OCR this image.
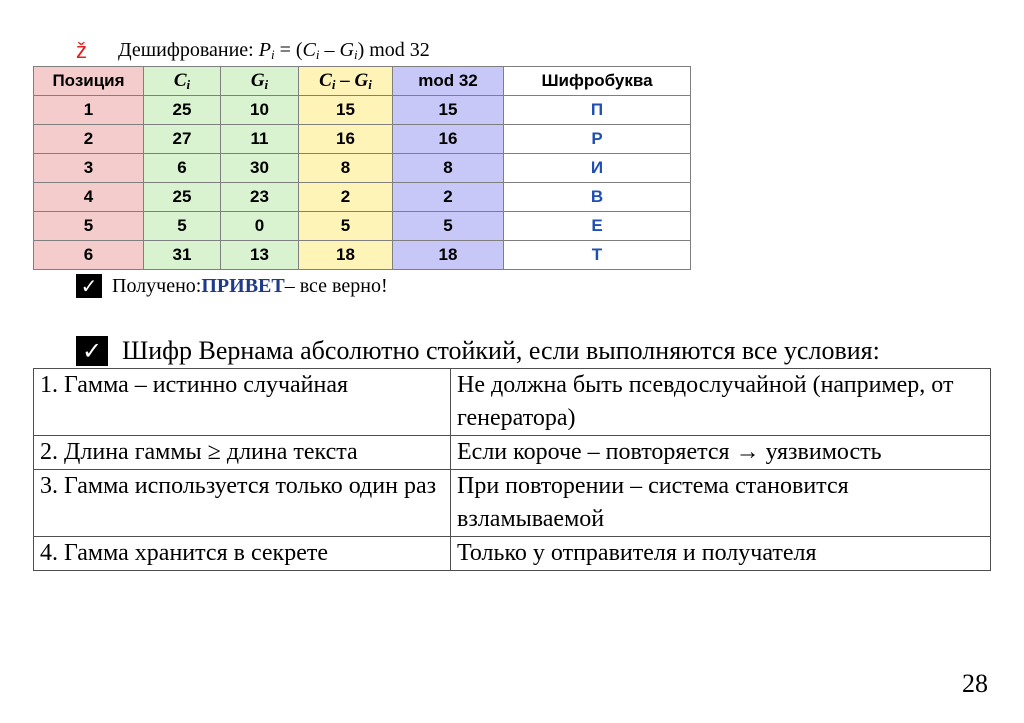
ž	Дешифрование: $P_i = (C_i - G_i)$ mod 32
Позиция	$C_i$	$G_i$	$C_i - G_i$	mod 32	Шифробуква
1	25	10	15	15	П
2	27	11	16	16	Р
3	6	30	8	8	И
4	25	23	2	2	В
5	5	0	5	5	Е
6	31	13	18	18	Т
✓ Получено: ПРИВЕТ – все верно!
✓ Шифр Вернама абсолютно стойкий, если выполняются все условия:
1. Гамма – истинно случайная	Не должна быть псевдослучайной (например, от генератора)
2. Длина гаммы ≥ длина текста	Если короче – повторяется → уязвимость
3. Гамма используется только один раз	При повторении – система становится взламываемой
4. Гамма хранится в секрете	Только у отправителя и получателя
28
